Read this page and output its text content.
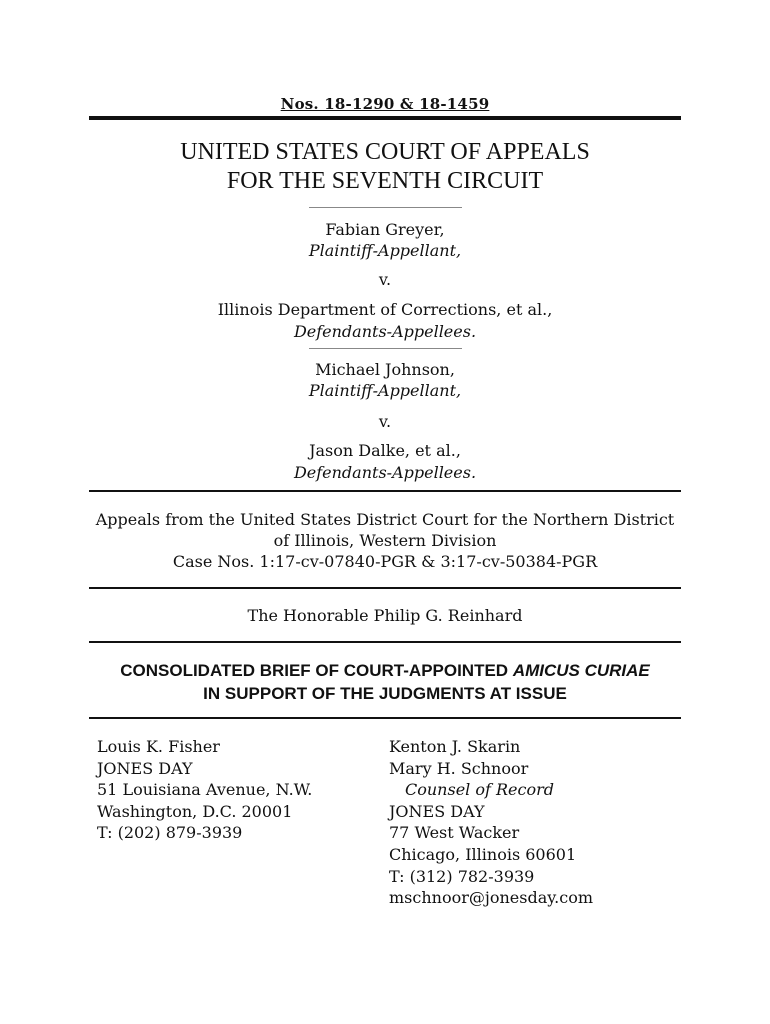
Nos. 18-1290 & 18-1459
UNITED STATES COURT OF APPEALS
FOR THE SEVENTH CIRCUIT
Fabian Greyer,
Plaintiff-Appellant,
v.
Illinois Department of Corrections, et al.,
Defendants-Appellees.
Michael Johnson,
Plaintiff-Appellant,
v.
Jason Dalke, et al.,
Defendants-Appellees.
Appeals from the United States District Court for the Northern District
of Illinois, Western Division
Case Nos. 1:17-cv-07840-PGR & 3:17-cv-50384-PGR
The Honorable Philip G. Reinhard
CONSOLIDATED BRIEF OF COURT-APPOINTED AMICUS CURIAE
IN SUPPORT OF THE JUDGMENTS AT ISSUE
Louis K. Fisher
JONES DAY
51 Louisiana Avenue, N.W.
Washington, D.C. 20001
T: (202) 879-3939
Kenton J. Skarin
Mary H. Schnoor
Counsel of Record
JONES DAY
77 West Wacker
Chicago, Illinois 60601
T: (312) 782-3939
mschnoor@jonesday.com
